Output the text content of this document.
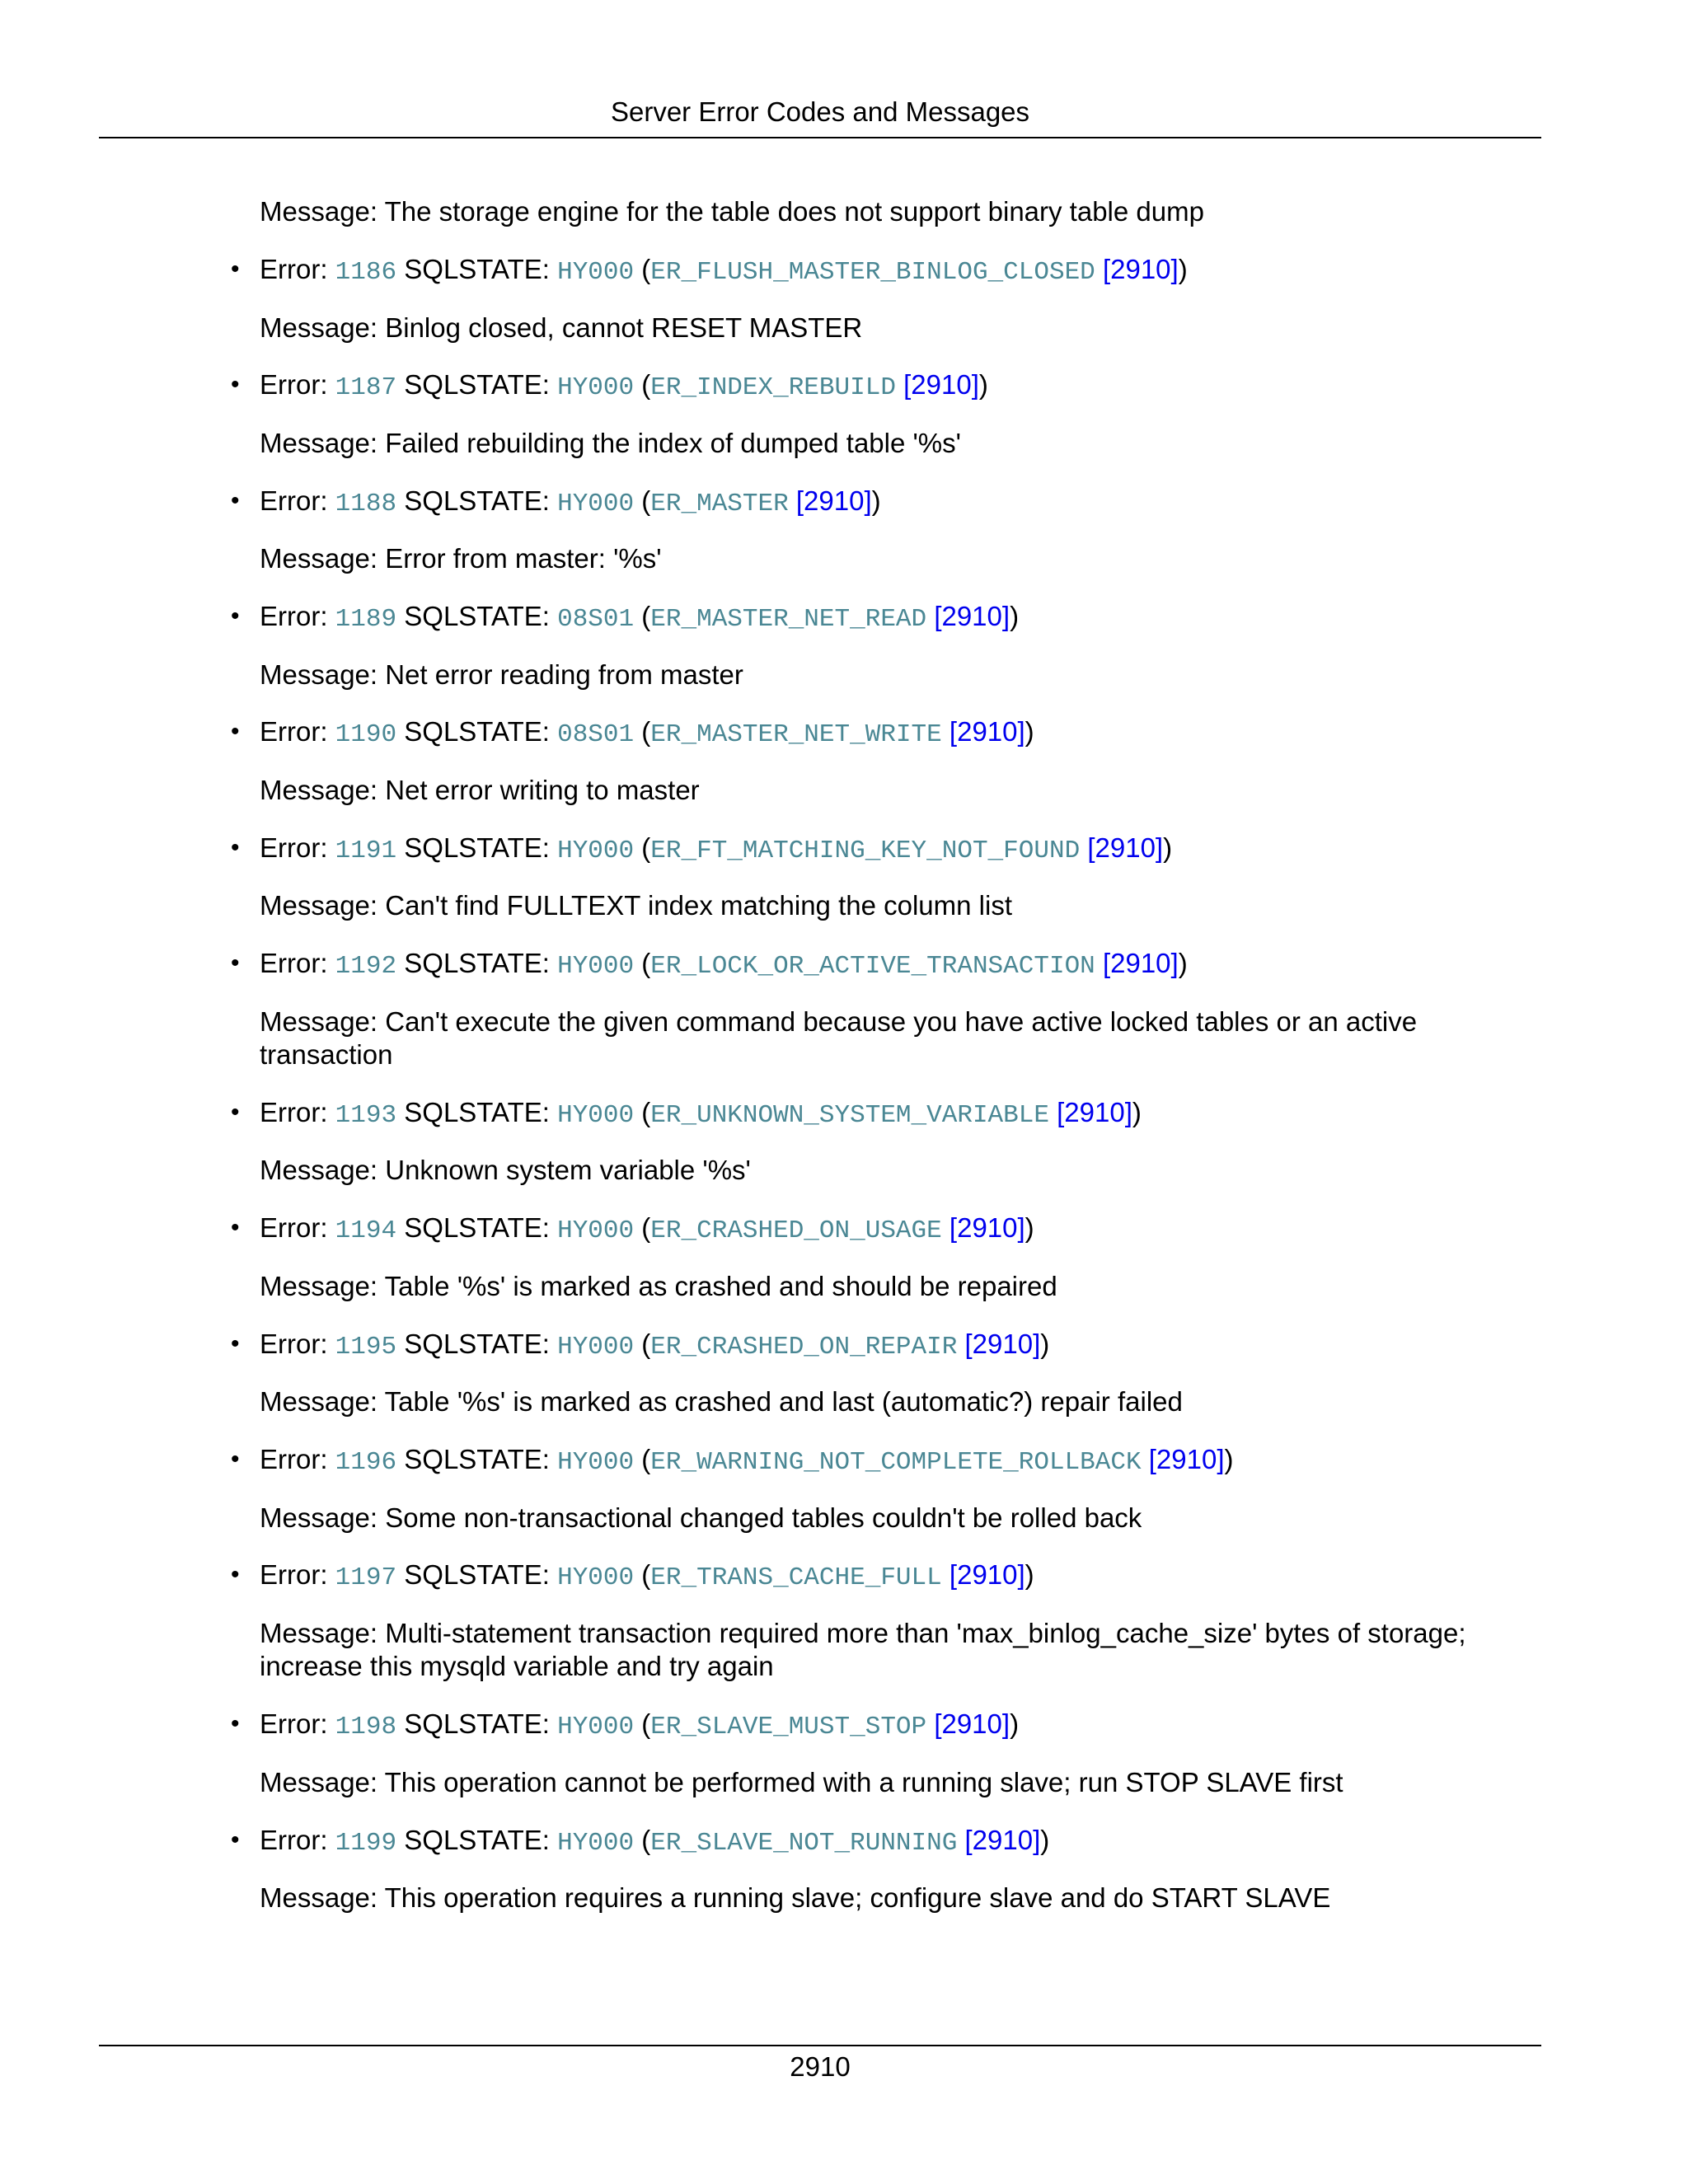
Server Error Codes and Messages
Message: The storage engine for the table does not support binary table dump
• Error: 1186 SQLSTATE: HY000 (ER_FLUSH_MASTER_BINLOG_CLOSED [2910])
Message: Binlog closed, cannot RESET MASTER
• Error: 1187 SQLSTATE: HY000 (ER_INDEX_REBUILD [2910])
Message: Failed rebuilding the index of dumped table '%s'
• Error: 1188 SQLSTATE: HY000 (ER_MASTER [2910])
Message: Error from master: '%s'
• Error: 1189 SQLSTATE: 08S01 (ER_MASTER_NET_READ [2910])
Message: Net error reading from master
• Error: 1190 SQLSTATE: 08S01 (ER_MASTER_NET_WRITE [2910])
Message: Net error writing to master
• Error: 1191 SQLSTATE: HY000 (ER_FT_MATCHING_KEY_NOT_FOUND [2910])
Message: Can't find FULLTEXT index matching the column list
• Error: 1192 SQLSTATE: HY000 (ER_LOCK_OR_ACTIVE_TRANSACTION [2910])
Message: Can't execute the given command because you have active locked tables or an active transaction
• Error: 1193 SQLSTATE: HY000 (ER_UNKNOWN_SYSTEM_VARIABLE [2910])
Message: Unknown system variable '%s'
• Error: 1194 SQLSTATE: HY000 (ER_CRASHED_ON_USAGE [2910])
Message: Table '%s' is marked as crashed and should be repaired
• Error: 1195 SQLSTATE: HY000 (ER_CRASHED_ON_REPAIR [2910])
Message: Table '%s' is marked as crashed and last (automatic?) repair failed
• Error: 1196 SQLSTATE: HY000 (ER_WARNING_NOT_COMPLETE_ROLLBACK [2910])
Message: Some non-transactional changed tables couldn't be rolled back
• Error: 1197 SQLSTATE: HY000 (ER_TRANS_CACHE_FULL [2910])
Message: Multi-statement transaction required more than 'max_binlog_cache_size' bytes of storage; increase this mysqld variable and try again
• Error: 1198 SQLSTATE: HY000 (ER_SLAVE_MUST_STOP [2910])
Message: This operation cannot be performed with a running slave; run STOP SLAVE first
• Error: 1199 SQLSTATE: HY000 (ER_SLAVE_NOT_RUNNING [2910])
Message: This operation requires a running slave; configure slave and do START SLAVE
2910
